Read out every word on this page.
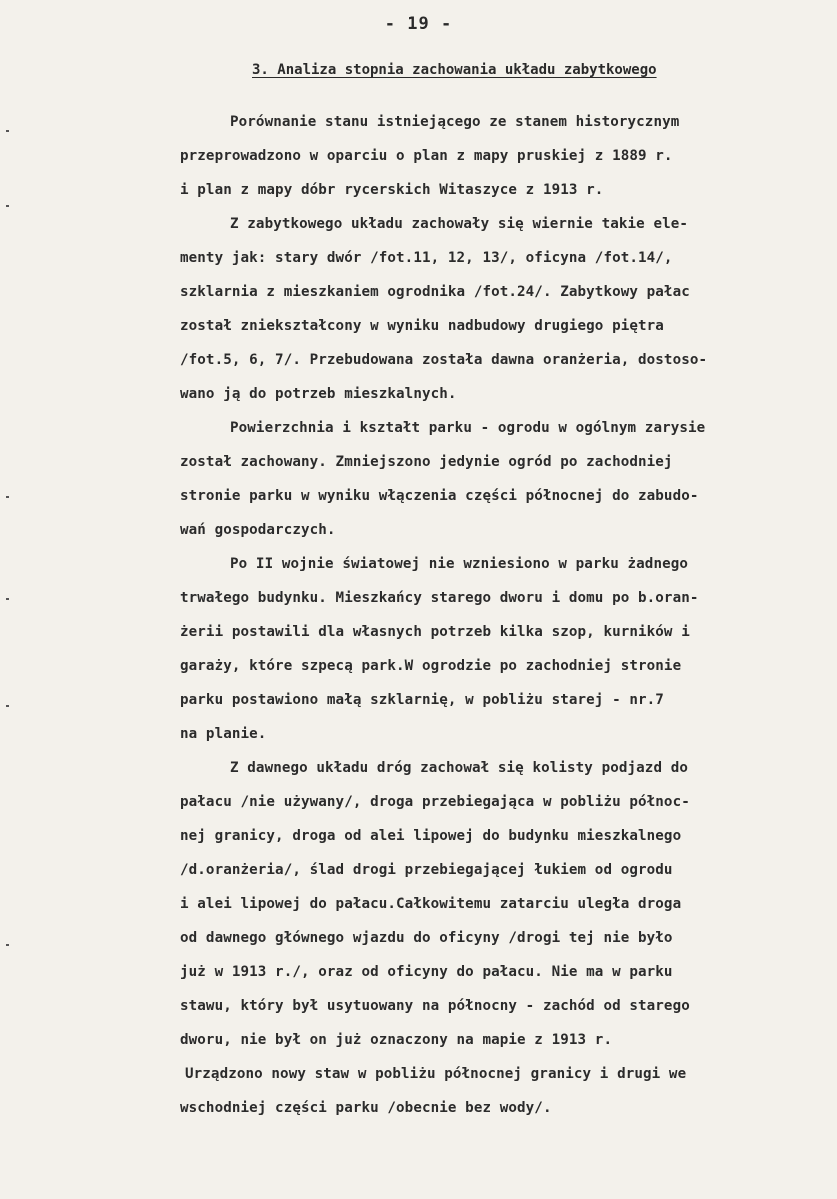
- 19 -
3. Analiza stopnia zachowania układu zabytkowego
Porównanie stanu istniejącego ze stanem historycznym
przeprowadzono w oparciu o plan z mapy pruskiej z 1889 r.
i plan z mapy dóbr rycerskich Witaszyce z 1913 r.
Z zabytkowego układu zachowały się wiernie takie ele-
menty jak: stary dwór /fot.11, 12, 13/, oficyna /fot.14/,
szklarnia z mieszkaniem ogrodnika /fot.24/. Zabytkowy pałac
został zniekształcony w wyniku nadbudowy drugiego piętra
/fot.5, 6, 7/. Przebudowana została dawna oranżeria, dostoso-
wano ją do potrzeb mieszkalnych.
Powierzchnia i kształt parku - ogrodu w ogólnym zarysie
został zachowany. Zmniejszono jedynie ogród po zachodniej
stronie parku w wyniku włączenia części północnej do zabudo-
wań gospodarczych.
Po II wojnie światowej nie wzniesiono w parku żadnego
trwałego budynku. Mieszkańcy starego dworu i domu po b.oran-
żerii postawili dla własnych potrzeb kilka szop, kurników i
garaży, które szpecą park.W ogrodzie po zachodniej stronie
parku postawiono małą szklarnię, w pobliżu starej - nr.7
na planie.
Z dawnego układu dróg zachował się kolisty podjazd do
pałacu /nie używany/, droga przebiegająca w pobliżu północ-
nej granicy, droga od alei lipowej do budynku mieszkalnego
/d.oranżeria/, ślad drogi przebiegającej łukiem od ogrodu
i alei lipowej do pałacu.Całkowitemu zatarciu uległa droga
od dawnego głównego wjazdu do oficyny /drogi tej nie było
już w 1913 r./, oraz od oficyny do pałacu. Nie ma w parku
stawu, który był usytuowany na północny - zachód od starego
dworu, nie był on już oznaczony na mapie z 1913 r.
Urządzono nowy staw w pobliżu północnej granicy i drugi we
wschodniej części parku /obecnie bez wody/.
